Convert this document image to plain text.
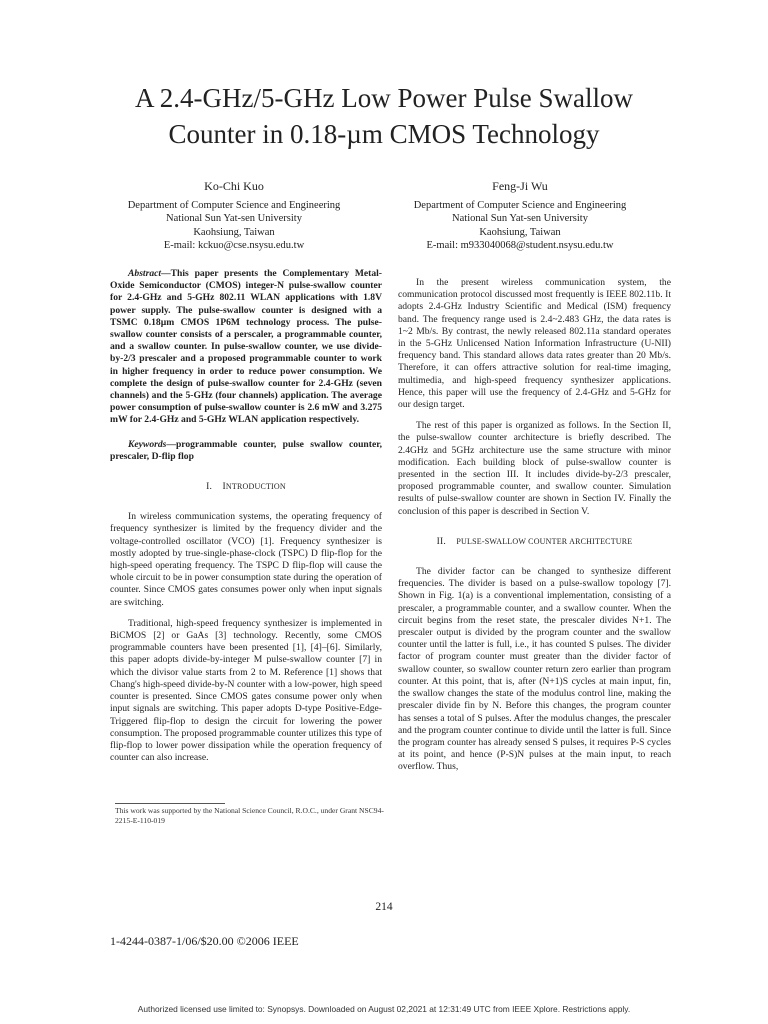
A 2.4-GHz/5-GHz Low Power Pulse Swallow
Counter in 0.18-µm CMOS Technology
Ko-Chi Kuo
Department of Computer Science and Engineering
National Sun Yat-sen University
Kaohsiung, Taiwan
E-mail: kckuo@cse.nsysu.edu.tw
Feng-Ji Wu
Department of Computer Science and Engineering
National Sun Yat-sen University
Kaohsiung, Taiwan
E-mail: m933040068@student.nsysu.edu.tw

Abstract—This paper presents the Complementary Metal-Oxide Semiconductor (CMOS) integer-N pulse-swallow counter for 2.4-GHz and 5-GHz 802.11 WLAN applications with 1.8V power supply. The pulse-swallow counter is designed with a TSMC 0.18µm CMOS 1P6M technology process. The pulse-swallow counter consists of a perscaler, a programmable counter, and a swallow counter. In pulse-swallow counter, we use divide-by-2/3 prescaler and a proposed programmable counter to work in higher frequency in order to reduce power consumption. We complete the design of pulse-swallow counter for 2.4-GHz (seven channels) and the 5-GHz (four channels) application. The average power consumption of pulse-swallow counter is 2.6 mW and 3.275 mW for 2.4-GHz and 5-GHz WLAN application respectively.

Keywords—programmable counter, pulse swallow counter, prescaler, D-flip flop

I. INTRODUCTION

In wireless communication systems, the operating frequency of frequency synthesizer is limited by the frequency divider and the voltage-controlled oscillator (VCO) [1]. Frequency synthesizer is mostly adopted by true-single-phase-clock (TSPC) D flip-flop for the high-speed operating frequency. The TSPC D flip-flop will cause the whole circuit to be in power consumption state during the operation of counter. Since CMOS gates consumes power only when input signals are switching.

Traditional, high-speed frequency synthesizer is implemented in BiCMOS [2] or GaAs [3] technology. Recently, some CMOS programmable counters have been presented [1], [4]–[6]. Similarly, this paper adopts divide-by-integer M pulse-swallow counter [7] in which the divisor value starts from 2 to M. Reference [1] shows that Chang's high-speed divide-by-N counter with a low-power, high speed counter is presented. Since CMOS gates consume power only when input signals are switching. This paper adopts D-type Positive-Edge-Triggered flip-flop to design the circuit for lowering the power consumption. The proposed programmable counter utilizes this type of flip-flop to lower power dissipation while the operation frequency of counter can also increase.

In the present wireless communication system, the communication protocol discussed most frequently is IEEE 802.11b. It adopts 2.4-GHz Industry Scientific and Medical (ISM) frequency band. The frequency range used is 2.4~2.483 GHz, the data rates is 1~2 Mb/s. By contrast, the newly released 802.11a standard operates in the 5-GHz Unlicensed Nation Information Infrastructure (U-NII) frequency band. This standard allows data rates greater than 20 Mb/s. Therefore, it can offers attractive solution for real-time imaging, multimedia, and high-speed frequency synthesizer applications. Hence, this paper will use the frequency of 2.4-GHz and 5-GHz for our design target.

The rest of this paper is organized as follows. In the Section II, the pulse-swallow counter architecture is briefly described. The 2.4GHz and 5GHz architecture use the same structure with minor modification. Each building block of pulse-swallow counter is presented in the section III. It includes divide-by-2/3 prescaler, proposed programmable counter, and swallow counter. Simulation results of pulse-swallow counter are shown in Section IV. Finally the conclusion of this paper is described in Section V.

II. PULSE-SWALLOW COUNTER ARCHITECTURE

The divider factor can be changed to synthesize different frequencies. The divider is based on a pulse-swallow topology [7]. Shown in Fig. 1(a) is a conventional implementation, consisting of a prescaler, a programmable counter, and a swallow counter. When the circuit begins from the reset state, the prescaler divides N+1. The prescaler output is divided by the program counter and the swallow counter until the latter is full, i.e., it has counted S pulses. The divider factor of program counter must greater than the divider factor of swallow counter, so swallow counter return zero earlier than program counter. At this point, that is, after (N+1)S cycles at main input, fin, the swallow changes the state of the modulus control line, making the prescaler divide fin by N. Before this changes, the program counter has senses a total of S pulses. After the modulus changes, the prescaler and the program counter continue to divide until the latter is full. Since the program counter has already sensed S pulses, it requires P-S cycles at its point, and hence (P-S)N pulses at the main input, to reach overflow. Thus,

This work was supported by the National Science Council, R.O.C., under Grant NSC94-2215-E-110-019
214
1-4244-0387-1/06/$20.00 ©2006 IEEE
Authorized licensed use limited to: Synopsys. Downloaded on August 02,2021 at 12:31:49 UTC from IEEE Xplore. Restrictions apply.
